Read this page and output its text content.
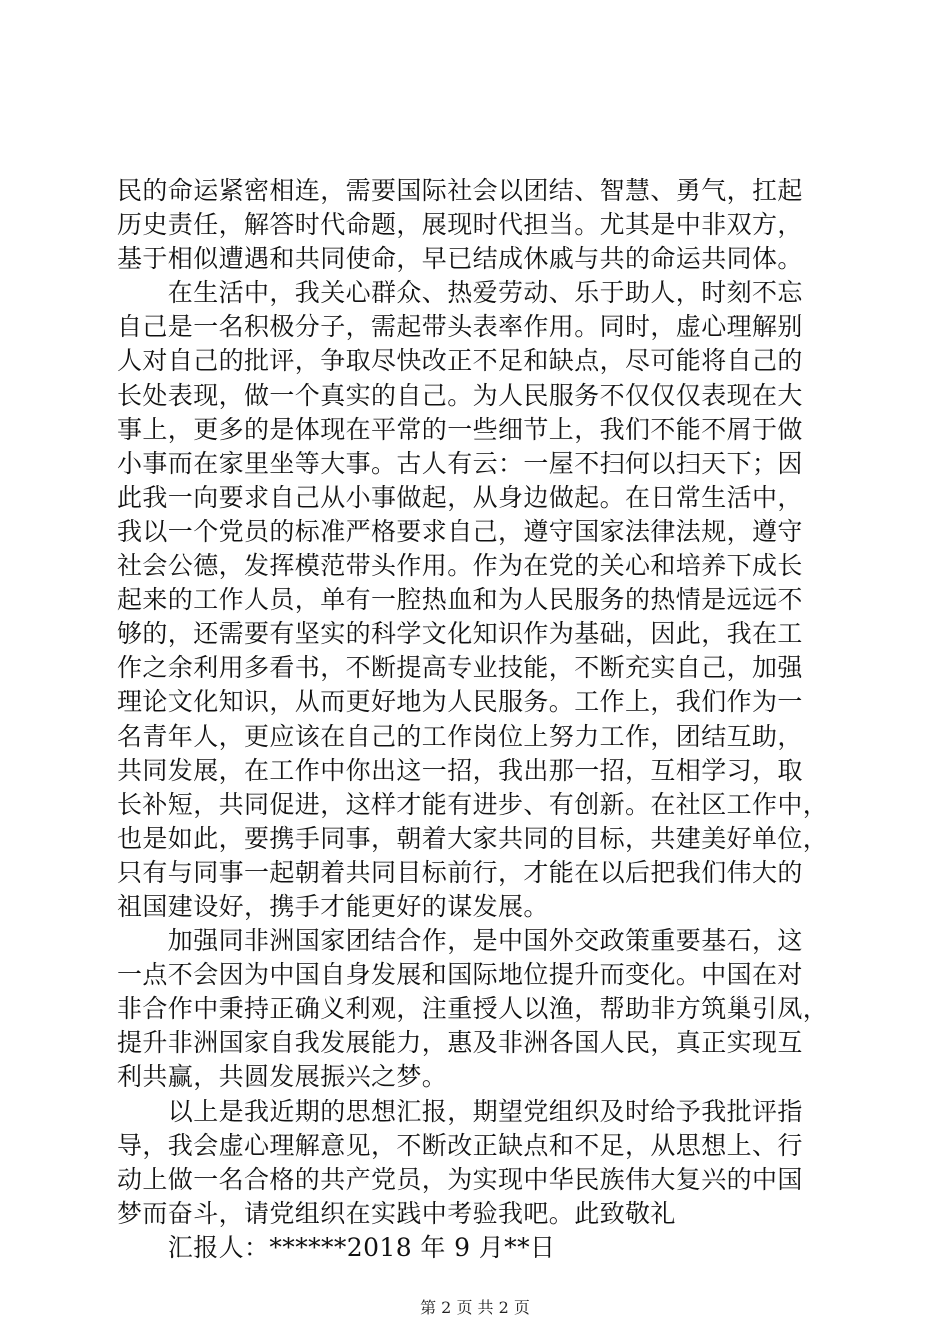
民的命运紧密相连，需要国际社会以团结、智慧、勇气，扛起
历史责任，解答时代命题，展现时代担当。尤其是中非双方，
基于相似遭遇和共同使命，早已结成休戚与共的命运共同体。
　　在生活中，我关心群众、热爱劳动、乐于助人，时刻不忘
自己是一名积极分子，需起带头表率作用。同时，虚心理解别
人对自己的批评，争取尽快改正不足和缺点，尽可能将自己的
长处表现，做一个真实的自己。为人民服务不仅仅仅表现在大
事上，更多的是体现在平常的一些细节上，我们不能不屑于做
小事而在家里坐等大事。古人有云：一屋不扫何以扫天下；因
此我一向要求自己从小事做起，从身边做起。在日常生活中，
我以一个党员的标准严格要求自己，遵守国家法律法规，遵守
社会公德，发挥模范带头作用。作为在党的关心和培养下成长
起来的工作人员，单有一腔热血和为人民服务的热情是远远不
够的，还需要有坚实的科学文化知识作为基础，因此，我在工
作之余利用多看书，不断提高专业技能，不断充实自己，加强
理论文化知识，从而更好地为人民服务。工作上，我们作为一
名青年人，更应该在自己的工作岗位上努力工作，团结互助，
共同发展，在工作中你出这一招，我出那一招，互相学习，取
长补短，共同促进，这样才能有进步、有创新。在社区工作中，
也是如此，要携手同事，朝着大家共同的目标，共建美好单位，
只有与同事一起朝着共同目标前行，才能在以后把我们伟大的
祖国建设好，携手才能更好的谋发展。
　　加强同非洲国家团结合作，是中国外交政策重要基石，这
一点不会因为中国自身发展和国际地位提升而变化。中国在对
非合作中秉持正确义利观，注重授人以渔，帮助非方筑巢引凤，
提升非洲国家自我发展能力，惠及非洲各国人民，真正实现互
利共赢，共圆发展振兴之梦。
　　以上是我近期的思想汇报，期望党组织及时给予我批评指
导，我会虚心理解意见，不断改正缺点和不足，从思想上、行
动上做一名合格的共产党员，为实现中华民族伟大复兴的中国
梦而奋斗，请党组织在实践中考验我吧。此致敬礼
　　汇报人：******2018 年 9 月**日
第 2 页 共 2 页
